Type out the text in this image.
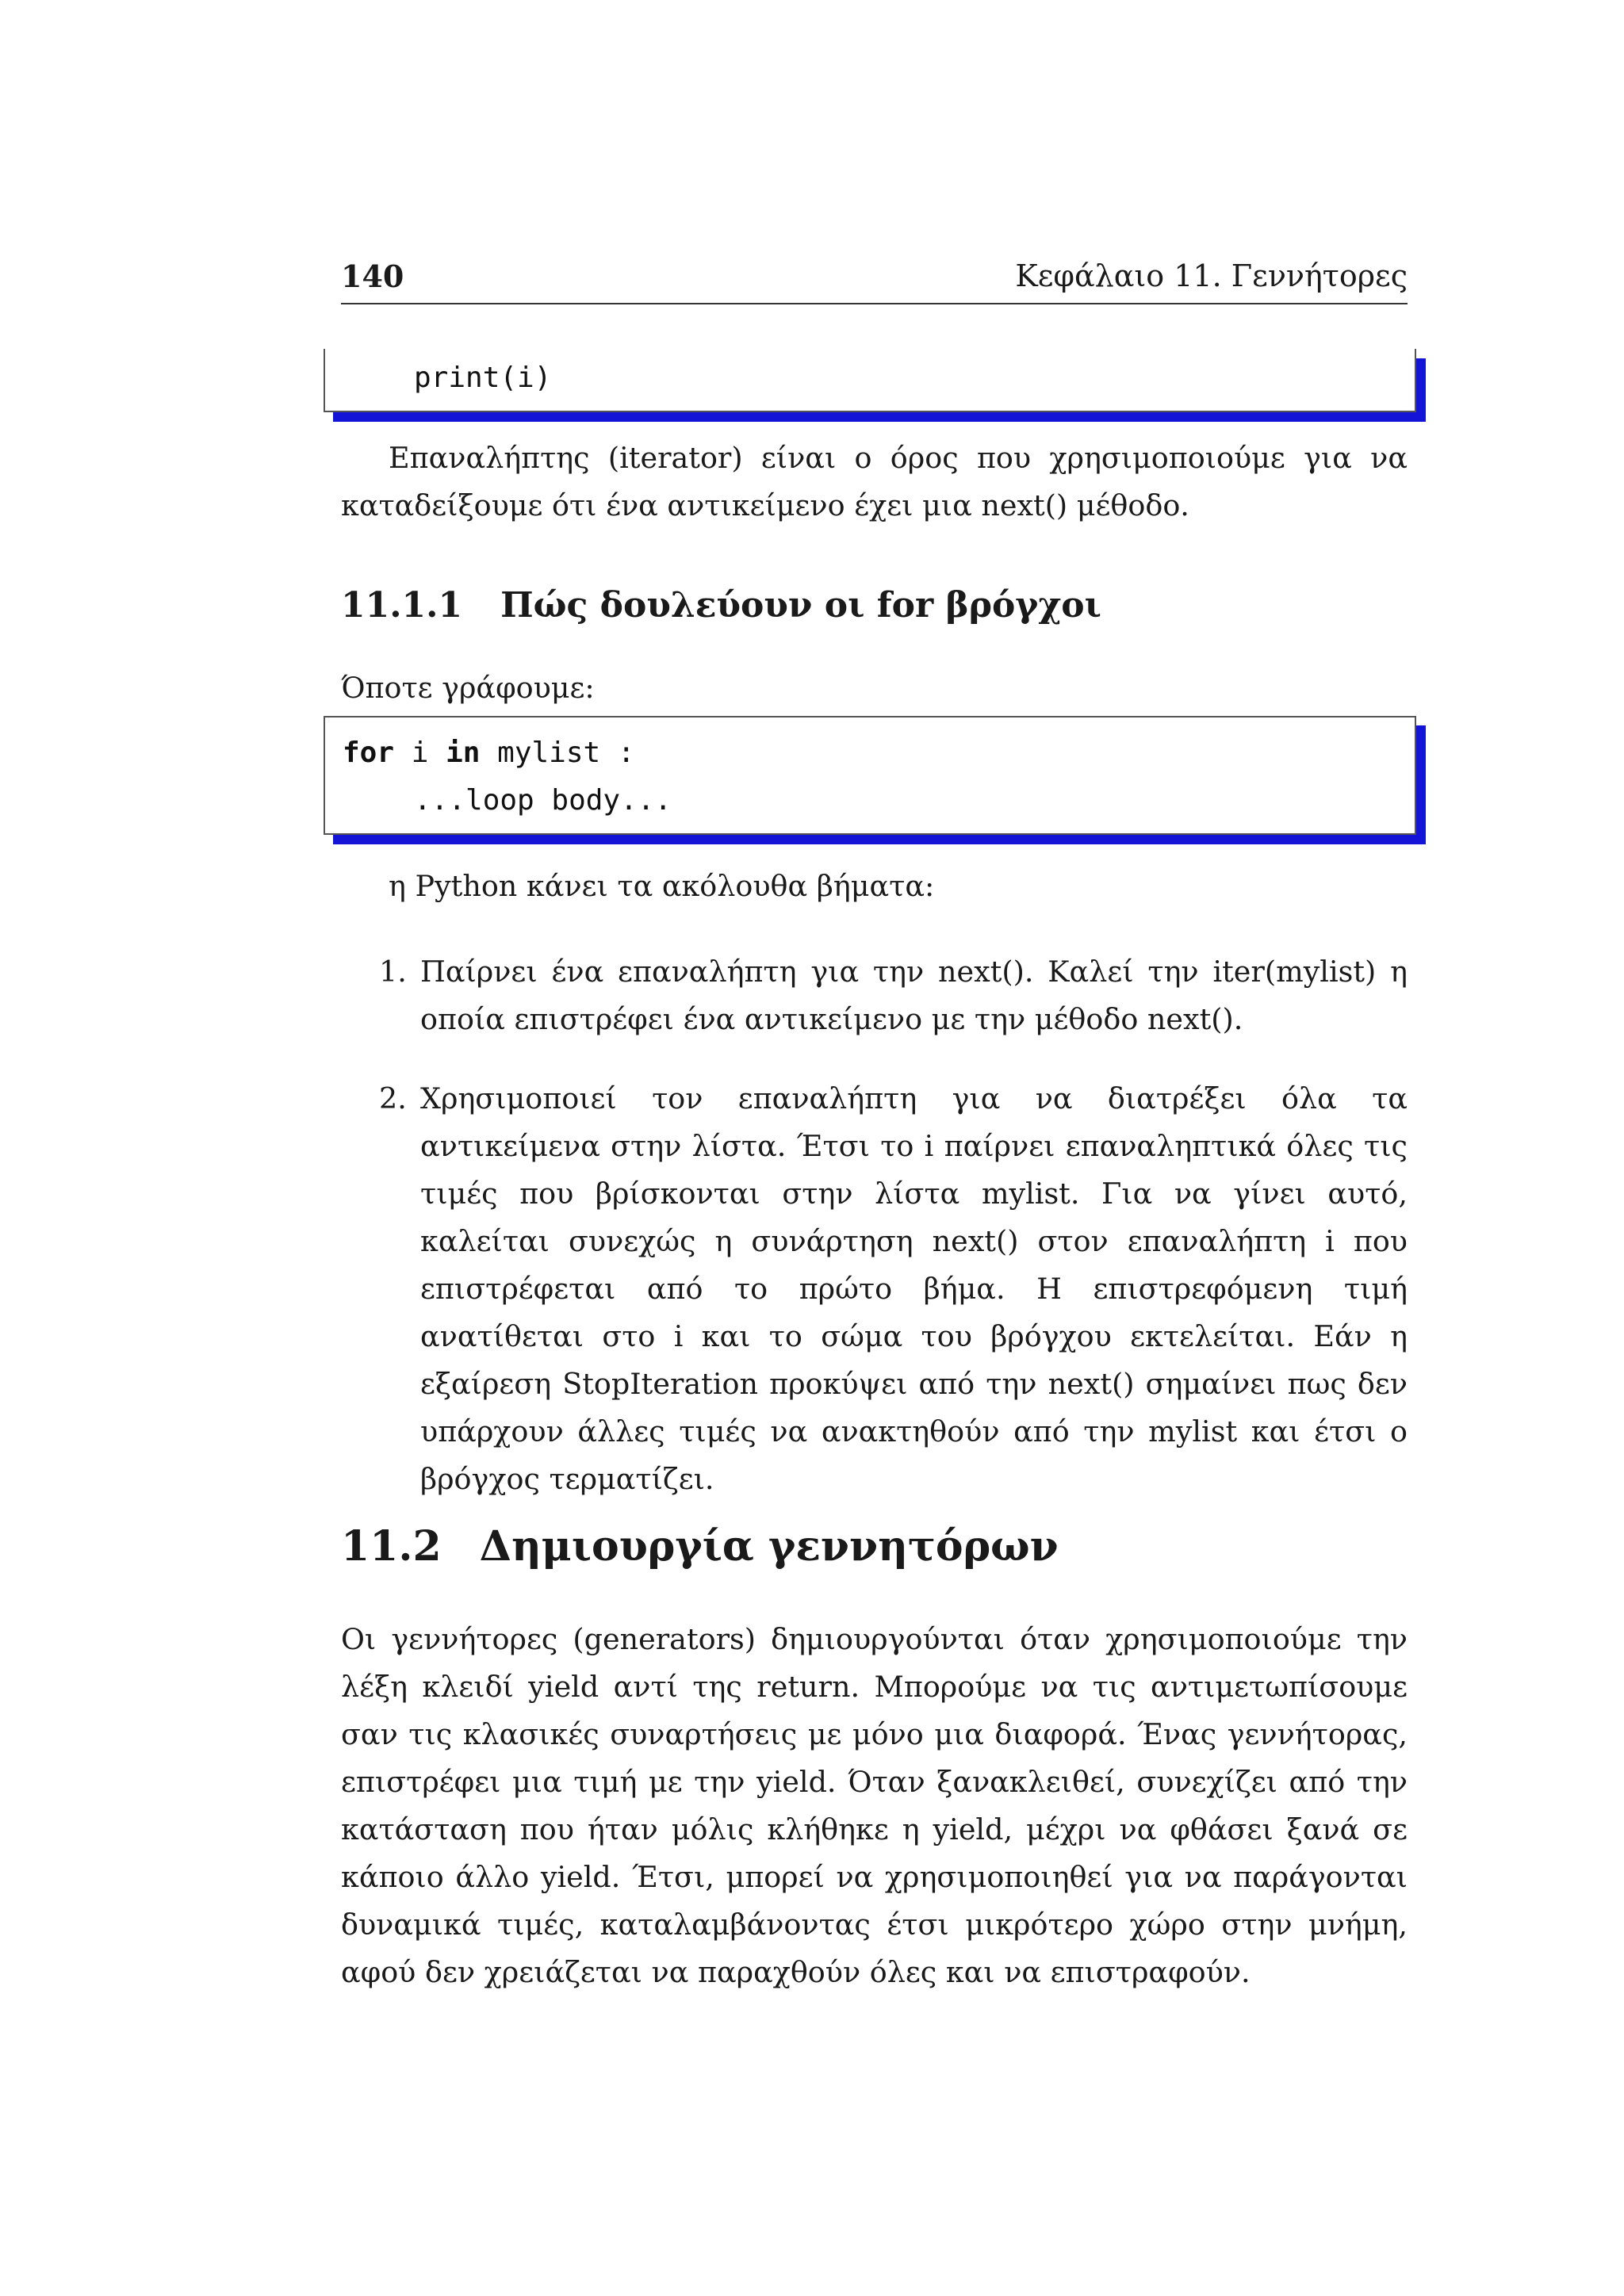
140	Κεφάλαιο 11. Γεννήτορες
print(i)

Επαναλήπτης (iterator) είναι ο όρος που χρησιμοποιούμε για να καταδείξουμε ότι ένα αντικείμενο έχει μια next() μέθοδο.

11.1.1 Πώς δουλεύουν οι for βρόγχοι

Όποτε γράφουμε:

for i in mylist :
...loop body...

η Python κάνει τα ακόλουθα βήματα:

1. Παίρνει ένα επαναλήπτη για την next(). Καλεί την iter(mylist) η οποία επιστρέφει ένα αντικείμενο με την μέθοδο next().
2. Χρησιμοποιεί τον επαναλήπτη για να διατρέξει όλα τα αντικείμενα στην λίστα. Έτσι το i παίρνει επαναληπτικά όλες τις τιμές που βρίσκονται στην λίστα mylist. Για να γίνει αυτό, καλείται συνεχώς η συνάρτηση next() στον επαναλήπτη i που επιστρέφεται από το πρώτο βήμα. Η επιστρεφόμενη τιμή ανατίθεται στο i και το σώμα του βρόγχου εκτελείται. Εάν η εξαίρεση StopIteration προκύψει από την next() σημαίνει πως δεν υπάρχουν άλλες τιμές να ανακτηθούν από την mylist και έτσι ο βρόγχος τερματίζει.
11.2 Δημιουργία γεννητόρων

Οι γεννήτορες (generators) δημιουργούνται όταν χρησιμοποιούμε την λέξη κλειδί yield αντί της return. Μπορούμε να τις αντιμετωπίσουμε σαν τις κλασικές συναρτήσεις με μόνο μια διαφορά. Ένας γεννήτορας, επιστρέφει μια τιμή με την yield. Όταν ξανακλειθεί, συνεχίζει από την κατάσταση που ήταν μόλις κλήθηκε η yield, μέχρι να φθάσει ξανά σε κάποιο άλλο yield. Έτσι, μπορεί να χρησιμοποιηθεί για να παράγονται δυναμικά τιμές, καταλαμβάνοντας έτσι μικρότερο χώρο στην μνήμη, αφού δεν χρειάζεται να παραχθούν όλες και να επιστραφούν.
